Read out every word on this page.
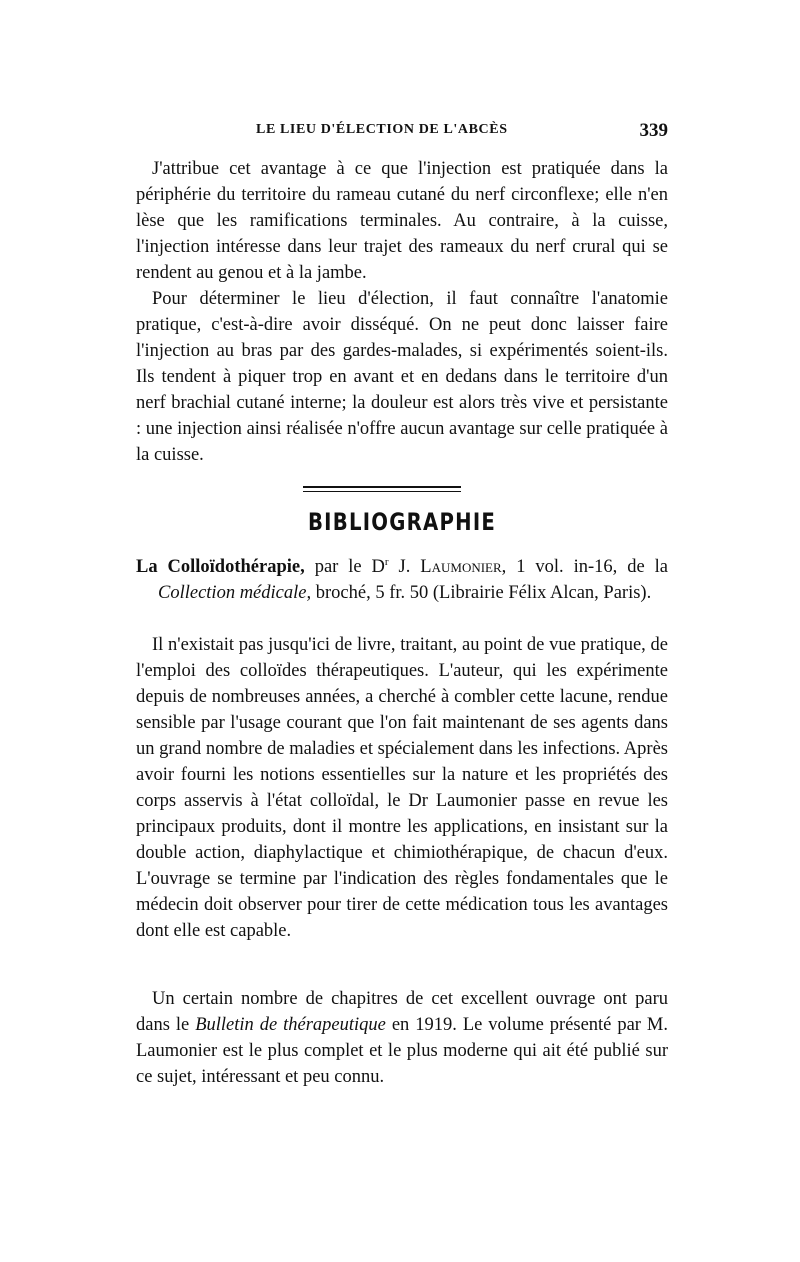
LE LIEU D'ÉLECTION DE L'ABCÈS	339

J'attribue cet avantage à ce que l'injection est pratiquée dans la périphérie du territoire du rameau cutané du nerf circonflexe; elle n'en lèse que les ramifications terminales. Au contraire, à la cuisse, l'injection intéresse dans leur trajet des rameaux du nerf crural qui se rendent au genou et à la jambe.

Pour déterminer le lieu d'élection, il faut connaître l'anatomie pratique, c'est-à-dire avoir disséqué. On ne peut donc laisser faire l'injection au bras par des gardes-malades, si expérimentés soient-ils. Ils tendent à piquer trop en avant et en dedans dans le territoire d'un nerf brachial cutané interne; la douleur est alors très vive et persistante : une injection ainsi réalisée n'offre aucun avantage sur celle pratiquée à la cuisse.

BIBLIOGRAPHIE
La Colloïdothérapie, par le $D^r$ J. Laumonier, 1 vol. in-16, de la Collection médicale, broché, 5 fr. 50 (Librairie Félix Alcan, Paris).

Il n'existait pas jusqu'ici de livre, traitant, au point de vue pratique, de l'emploi des colloïdes thérapeutiques. L'auteur, qui les expérimente depuis de nombreuses années, a cherché à combler cette lacune, rendue sensible par l'usage courant que l'on fait maintenant de ses agents dans un grand nombre de maladies et spécialement dans les infections. Après avoir fourni les notions essentielles sur la nature et les propriétés des corps asservis à l'état colloïdal, le Dr Laumonier passe en revue les principaux produits, dont il montre les applications, en insistant sur la double action, diaphylactique et chimiothérapique, de chacun d'eux. L'ouvrage se termine par l'indication des règles fondamentales que le médecin doit observer pour tirer de cette médication tous les avantages dont elle est capable.

Un certain nombre de chapitres de cet excellent ouvrage ont paru dans le Bulletin de thérapeutique en 1919. Le volume présenté par M. Laumonier est le plus complet et le plus moderne qui ait été publié sur ce sujet, intéressant et peu connu.
